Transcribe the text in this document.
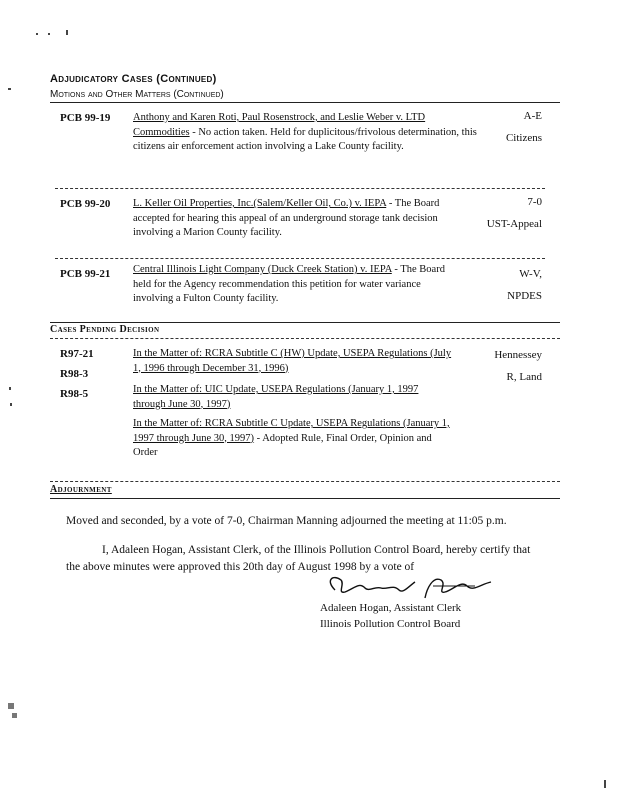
Adjudicatory Cases (Continued)
Motions and Other Matters (Continued)
PCB 99-19 Anthony and Karen Roti, Paul Rosenstrock, and Leslie Weber v. LTD Commodities - No action taken. Held for duplicitous/frivolous determination, this citizens air enforcement action involving a Lake County facility.
A-E
Citizens
PCB 99-20 L. Keller Oil Properties, Inc.(Salem/Keller Oil, Co.) v. IEPA - The Board accepted for hearing this appeal of an underground storage tank decision involving a Marion County facility.
7-0
UST-Appeal
PCB 99-21 Central Illinois Light Company (Duck Creek Station) v. IEPA - The Board held for the Agency recommendation this petition for water variance involving a Fulton County facility.
W-V,
NPDES
Cases Pending Decision
R97-21
R98-3
R98-5
In the Matter of: RCRA Subtitle C (HW) Update, USEPA Regulations (July 1, 1996 through December 31, 1996)
In the Matter of: UIC Update, USEPA Regulations (January 1, 1997 through June 30, 1997)
In the Matter of: RCRA Subtitle C Update, USEPA Regulations (January 1, 1997 through June 30, 1997) - Adopted Rule, Final Order, Opinion and Order
Hennessey
R, Land
Adjournment
Moved and seconded, by a vote of 7-0, Chairman Manning adjourned the meeting at 11:05 p.m.
I, Adaleen Hogan, Assistant Clerk, of the Illinois Pollution Control Board, hereby certify that the above minutes were approved this 20th day of August 1998 by a vote of
Adaleen Hogan, Assistant Clerk
Illinois Pollution Control Board
